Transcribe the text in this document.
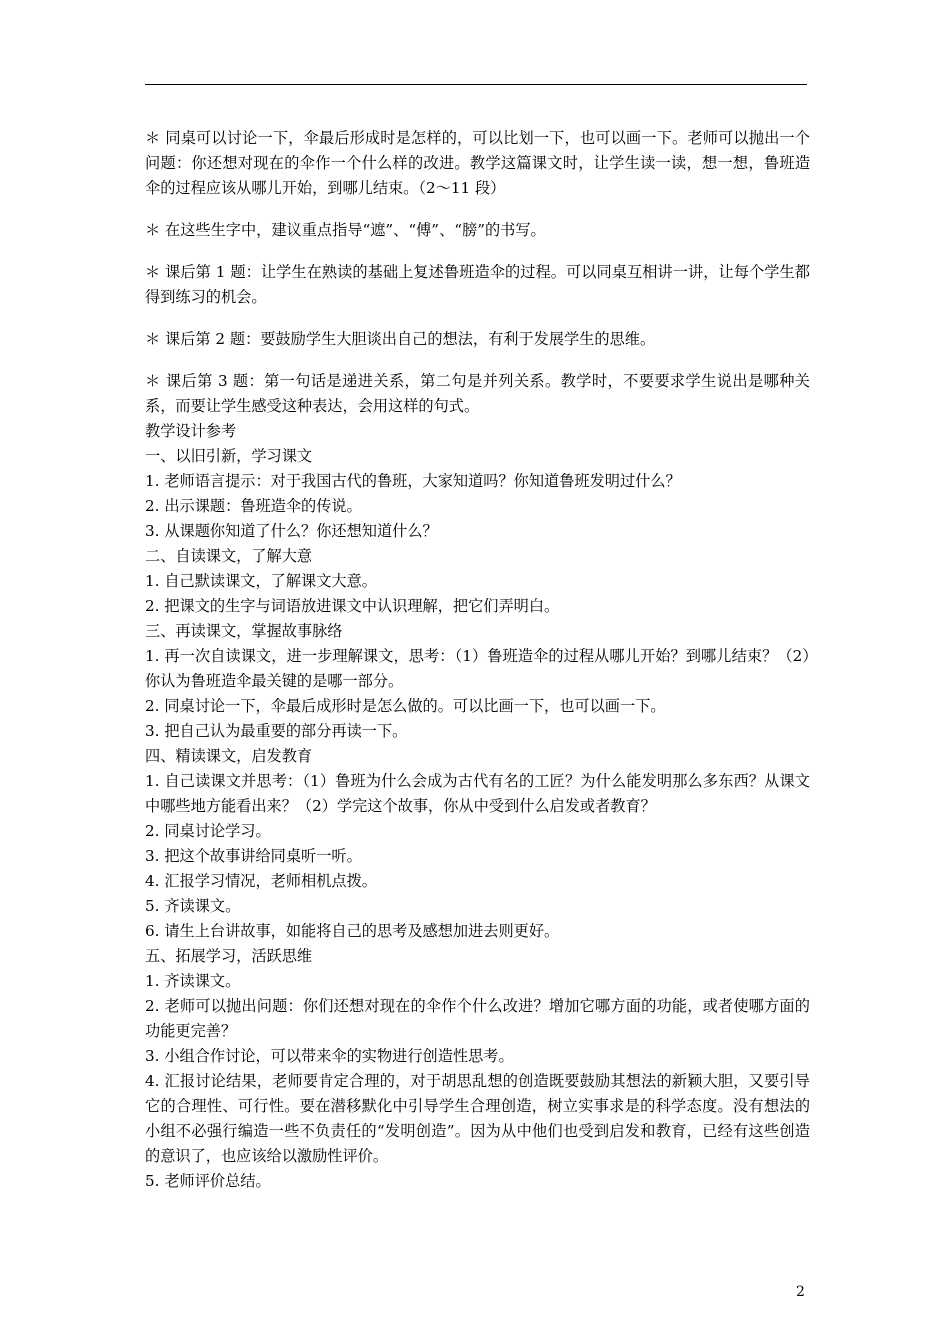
＊ 同桌可以讨论一下，伞最后形成时是怎样的，可以比划一下，也可以画一下。老师可以抛出一个问题：你还想对现在的伞作一个什么样的改进。教学这篇课文时，让学生读一读，想一想，鲁班造伞的过程应该从哪儿开始，到哪儿结束。（2～11 段）

＊ 在这些生字中，建议重点指导“遮”、“傅”、“膀”的书写。

＊ 课后第 1 题：让学生在熟读的基础上复述鲁班造伞的过程。可以同桌互相讲一讲，让每个学生都得到练习的机会。

＊ 课后第 2 题：要鼓励学生大胆谈出自己的想法，有利于发展学生的思维。

＊ 课后第 3 题：第一句话是递进关系，第二句是并列关系。教学时，不要要求学生说出是哪种关系，而要让学生感受这种表达，会用这样的句式。

教学设计参考

一、以旧引新，学习课文

1. 老师语言提示：对于我国古代的鲁班，大家知道吗？你知道鲁班发明过什么？

2. 出示课题：鲁班造伞的传说。

3. 从课题你知道了什么？你还想知道什么？

二、自读课文，了解大意

1. 自己默读课文，了解课文大意。

2. 把课文的生字与词语放进课文中认识理解，把它们弄明白。

三、再读课文，掌握故事脉络

1. 再一次自读课文，进一步理解课文，思考：（1）鲁班造伞的过程从哪儿开始？到哪儿结束？（2）你认为鲁班造伞最关键的是哪一部分。

2. 同桌讨论一下，伞最后成形时是怎么做的。可以比画一下，也可以画一下。

3. 把自己认为最重要的部分再读一下。

四、精读课文，启发教育

1. 自己读课文并思考：（1）鲁班为什么会成为古代有名的工匠？为什么能发明那么多东西？从课文中哪些地方能看出来？（2）学完这个故事，你从中受到什么启发或者教育？

2. 同桌讨论学习。

3. 把这个故事讲给同桌听一听。

4. 汇报学习情况，老师相机点拨。

5. 齐读课文。

6. 请生上台讲故事，如能将自己的思考及感想加进去则更好。

五、拓展学习，活跃思维

1. 齐读课文。

2. 老师可以抛出问题：你们还想对现在的伞作个什么改进？增加它哪方面的功能，或者使哪方面的功能更完善？

3. 小组合作讨论，可以带来伞的实物进行创造性思考。

4. 汇报讨论结果，老师要肯定合理的，对于胡思乱想的创造既要鼓励其想法的新颖大胆，又要引导它的合理性、可行性。要在潜移默化中引导学生合理创造，树立实事求是的科学态度。没有想法的小组不必强行编造一些不负责任的“发明创造”。因为从中他们也受到启发和教育，已经有这些创造的意识了，也应该给以激励性评价。

5. 老师评价总结。

2
